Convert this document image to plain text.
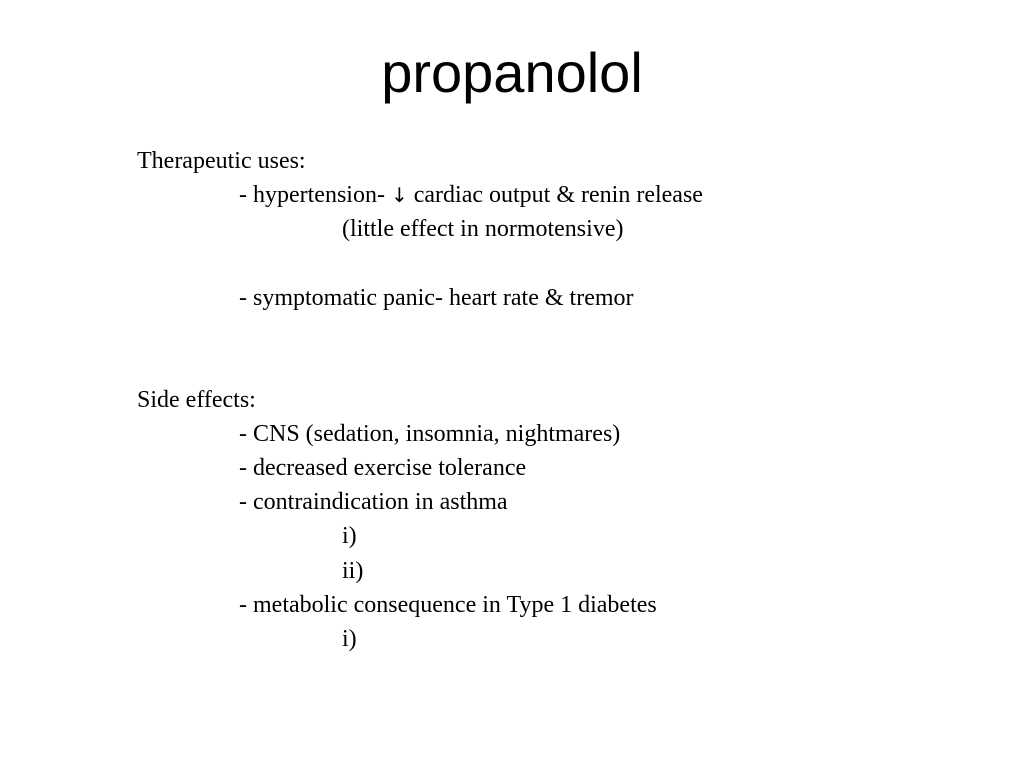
propanolol
Therapeutic uses:
- hypertension- ↓ cardiac output & renin release
(little effect in normotensive)
- symptomatic panic- heart rate & tremor
Side effects:
- CNS (sedation, insomnia, nightmares)
- decreased exercise tolerance
- contraindication in asthma
i)
ii)
- metabolic consequence in Type 1 diabetes
i)
